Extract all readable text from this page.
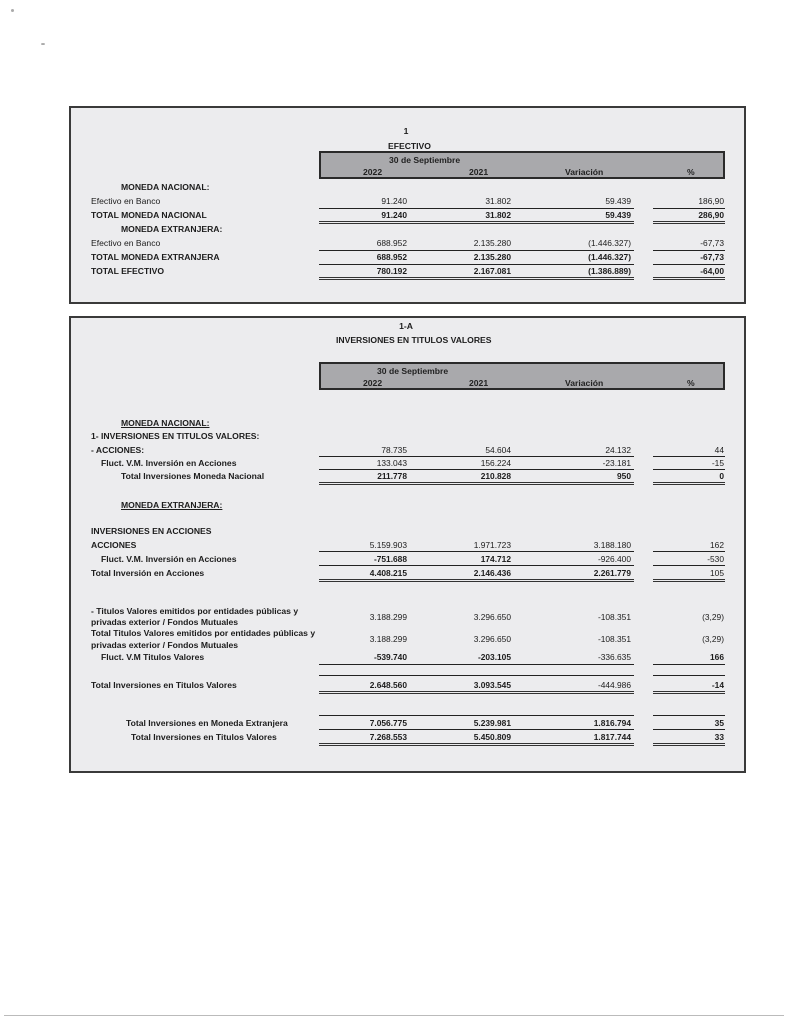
1
EFECTIVO
30 de Septiembre
2022	2021	Variación	%
MONEDA NACIONAL:
Efectivo en Banco	91.240	31.802	59.439	186,90
TOTAL MONEDA NACIONAL	91.240	31.802	59.439	286,90
MONEDA EXTRANJERA:
Efectivo en Banco	688.952	2.135.280	(1.446.327)	-67,73
TOTAL MONEDA EXTRANJERA	688.952	2.135.280	(1.446.327)	-67,73
TOTAL EFECTIVO	780.192	2.167.081	(1.386.889)	-64,00
1-A
INVERSIONES EN TITULOS VALORES
30 de Septiembre
2022	2021	Variación	%
MONEDA NACIONAL:
1- INVERSIONES EN TITULOS VALORES:
- ACCIONES:	78.735	54.604	24.132	44
Fluct. V.M. Inversión en Acciones	133.043	156.224	-23.181	-15
Total Inversiones Moneda Nacional	211.778	210.828	950	0
MONEDA EXTRANJERA:
INVERSIONES EN ACCIONES
ACCIONES	5.159.903	1.971.723	3.188.180	162
Fluct. V.M. Inversión en Acciones	-751.688	174.712	-926.400	-530
Total Inversión en Acciones	4.408.215	2.146.436	2.261.779	105
- Titulos Valores emitidos por entidades públicas y
privadas exterior / Fondos Mutuales	3.188.299	3.296.650	-108.351	(3,29)
Total Titulos Valores emitidos por entidades públicas y
privadas exterior / Fondos Mutuales
3.188.299	3.296.650	-108.351	(3,29)
Fluct. V.M Titulos Valores	-539.740	-203.105	-336.635	166
Total Inversiones en Titulos Valores	2.648.560	3.093.545	-444.986	-14
Total Inversiones en Moneda Extranjera	7.056.775	5.239.981	1.816.794	35
Total Inversiones en Titulos Valores	7.268.553	5.450.809	1.817.744	33
